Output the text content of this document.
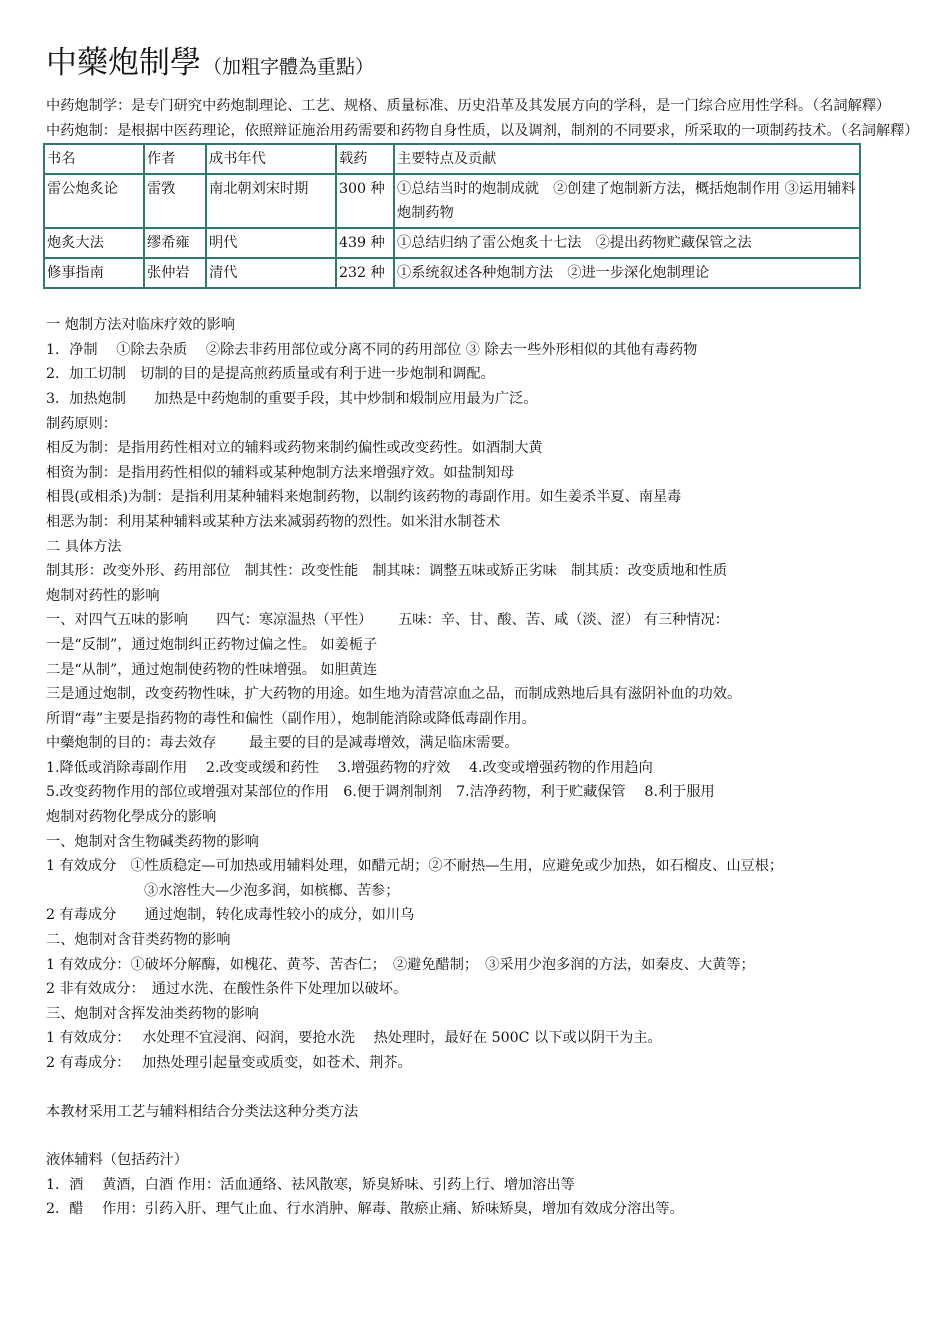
中藥炮制學 （加粗字體為重點）
中药炮制学：是专门研究中药炮制理论、工艺、规格、质量标准、历史沿革及其发展方向的学科，是一门综合应用性学科。（名詞解釋）
中药炮制：是根据中医药理论，依照辩证施治用药需要和药物自身性质，以及调剂，制剂的不同要求，所采取的一项制药技术。（名詞解釋）
书名	作者	成书年代	载药	主要特点及贡献
雷公炮炙论	雷敩	南北朝刘宋时期	300 种	①总结当时的炮制成就　②创建了炮制新方法，概括炮制作用 ③运用辅料炮制药物
炮炙大法	缪希雍	明代	439 种	①总结归纳了雷公炮炙十七法　②提出药物贮藏保管之法
修事指南	张仲岩	清代	232 种	①系统叙述各种炮制方法　②进一步深化炮制理论
一 炮制方法对临床疗效的影响
1．净制　 ①除去杂质　 ②除去非药用部位或分离不同的药用部位 ③ 除去一些外形相似的其他有毒药物
2．加工切制　切制的目的是提高煎药质量或有利于进一步炮制和调配。
3．加热炮制　　加热是中药炮制的重要手段，其中炒制和煅制应用最为广泛。
制药原则：
相反为制：是指用药性相对立的辅料或药物来制约偏性或改变药性。如酒制大黄
相资为制：是指用药性相似的辅料或某种炮制方法来增强疗效。如盐制知母
相畏(或相杀)为制：是指利用某种辅料来炮制药物，以制约该药物的毒副作用。如生姜杀半夏、南星毒
相恶为制：利用某种辅料或某种方法来减弱药物的烈性。如米泔水制苍术
二 具体方法
制其形：改变外形、药用部位　制其性：改变性能　制其味：调整五味或矫正劣味　制其质：改变质地和性质
炮制对药性的影响
一、对四气五味的影响　　四气：寒凉温热（平性）　　 五味：辛、甘、酸、苦、咸（淡、涩） 有三种情况：
一是“反制”，通过炮制纠正药物过偏之性。 如姜栀子
二是“从制”，通过炮制使药物的性味增强。 如胆黄连
三是通过炮制，改变药物性味，扩大药物的用途。如生地为清营凉血之品，而制成熟地后具有滋阴补血的功效。
所谓“毒”主要是指药物的毒性和偏性（副作用），炮制能消除或降低毒副作用。
中藥炮制的目的：毒去效存　　 最主要的目的是减毒增效，满足临床需要。
1.降低或消除毒副作用　 2.改变或缓和药性　 3.增强药物的疗效　 4.改变或增强药物的作用趋向
5.改变药物作用的部位或增强对某部位的作用　6.便于调剂制剂　7.洁净药物，利于贮藏保管　 8.利于服用
炮制对药物化學成分的影响
一、炮制对含生物碱类药物的影响
1 有效成分　①性质稳定—可加热或用辅料处理，如醋元胡；②不耐热—生用，应避免或少加热，如石榴皮、山豆根；
③水溶性大—少泡多润，如槟榔、苦参；
2 有毒成分　　通过炮制，转化成毒性较小的成分，如川乌
二、炮制对含苷类药物的影响
1 有效成分：①破坏分解酶，如槐花、黄芩、苦杏仁；　②避免醋制；　③采用少泡多润的方法，如秦皮、大黄等；
2 非有效成分：　通过水洗、在酸性条件下处理加以破坏。
三、炮制对含挥发油类药物的影响
1 有效成分：　 水处理不宜浸润、闷润，要抢水洗　 热处理时，最好在 500C 以下或以阴干为主。
2 有毒成分：　 加热处理引起量变或质变，如苍术、荆芥。
本教材采用工艺与辅料相结合分类法这种分类方法
液体辅料（包括药汁）
1．酒　 黄酒，白酒 作用：活血通络、祛风散寒，矫臭矫味、引药上行、增加溶出等
2．醋　 作用：引药入肝、理气止血、行水消肿、解毒、散瘀止痛、矫味矫臭，增加有效成分溶出等。
